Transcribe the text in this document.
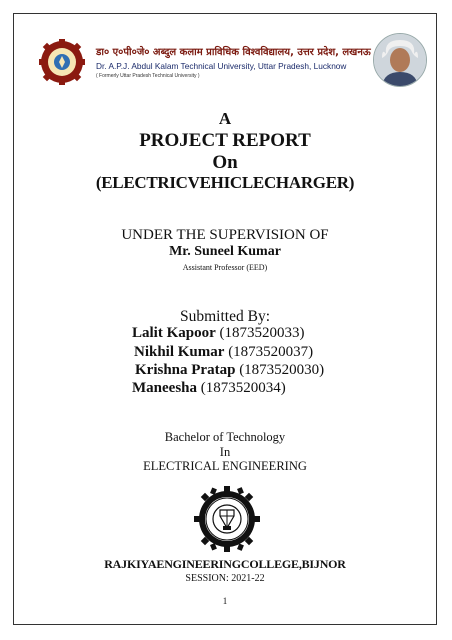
डा० ए०पी०जे० अब्दुल कलाम प्राविधिक विश्वविद्यालय, उत्तर प्रदेश, लखनऊ
Dr. A.P.J. Abdul Kalam Technical University, Uttar Pradesh, Lucknow
( Formerly Uttar Pradesh Technical University )
A
PROJECT REPORT
On
(ELECTRICVEHICLECHARGER)
UNDER THE SUPERVISION OF
Mr. Suneel Kumar
Assistant Professor (EED)
Submitted By:
Lalit Kapoor (1873520033)
Nikhil Kumar (1873520037)
Krishna Pratap (1873520030)
Maneesha (1873520034)
Bachelor of Technology
In
ELECTRICAL ENGINEERING
RAJKIYAENGINEERINGCOLLEGE,BIJNOR
SESSION: 2021-22
1
